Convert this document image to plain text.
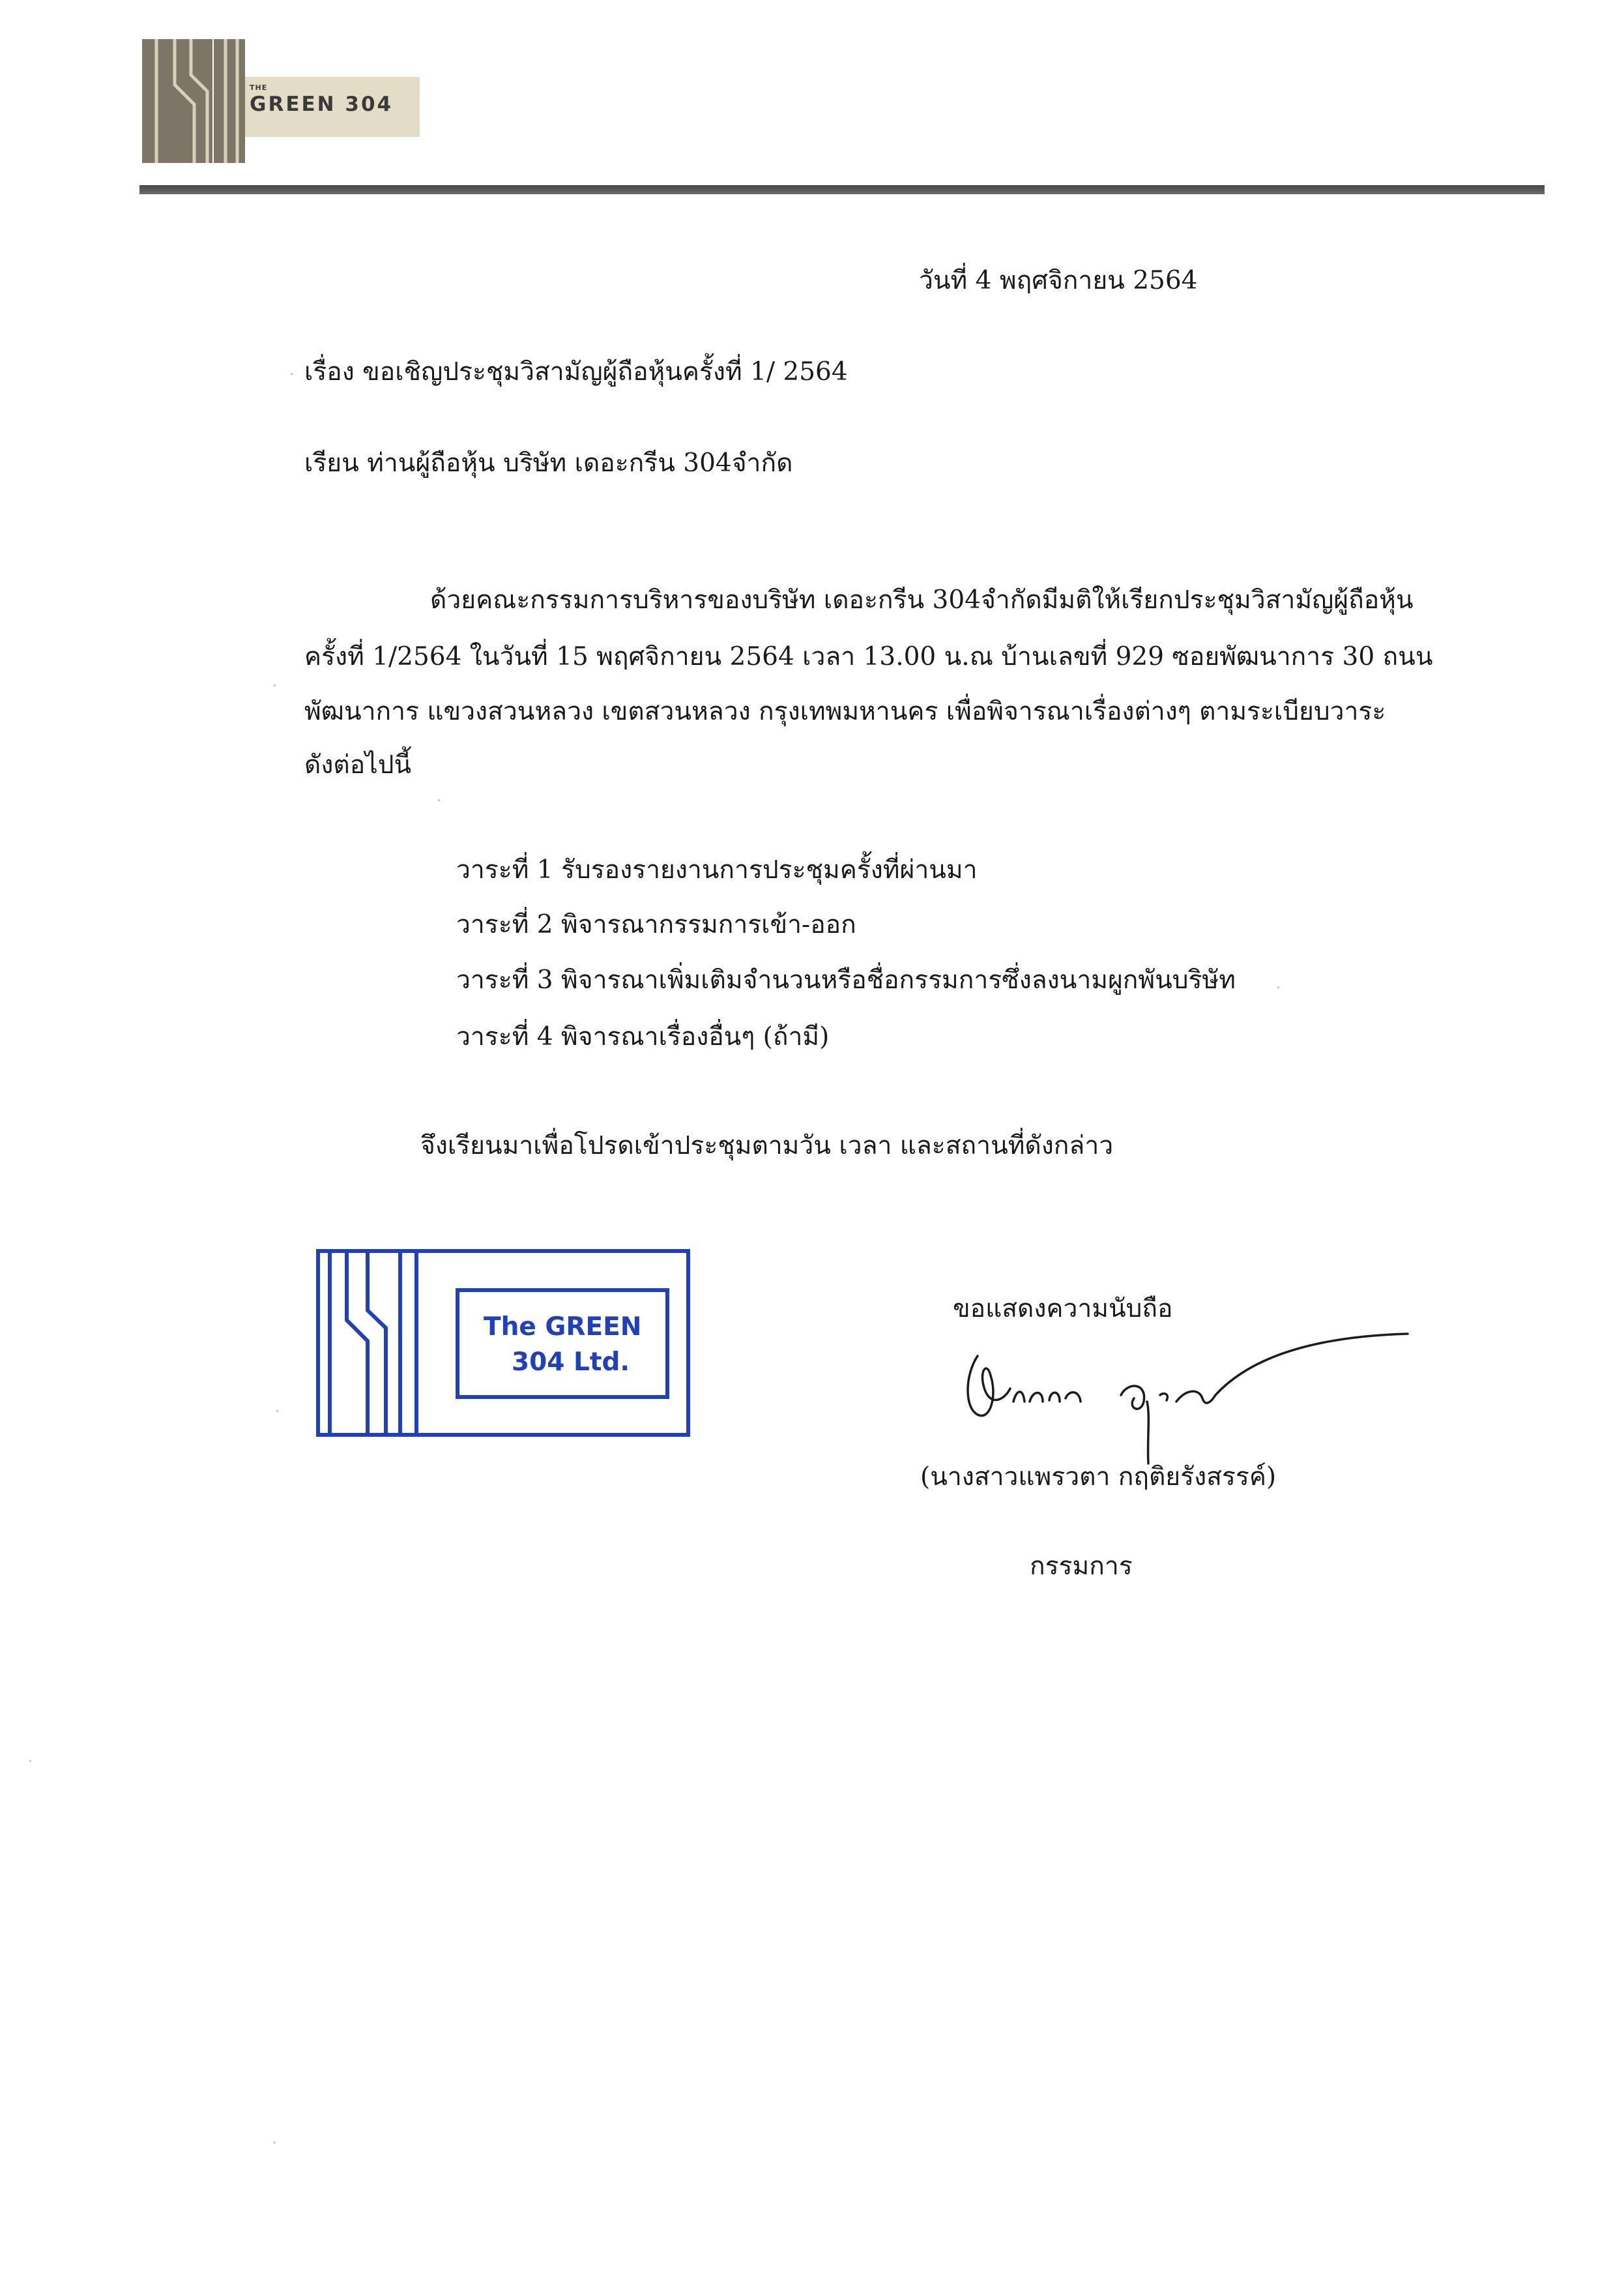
THE
GREEN 304
วันที่ 4 พฤศจิกายน 2564
เรื่อง ขอเชิญประชุมวิสามัญผู้ถือหุ้นครั้งที่ 1/ 2564
เรียน ท่านผู้ถือหุ้น บริษัท เดอะกรีน 304จำกัด
ด้วยคณะกรรมการบริหารของบริษัท เดอะกรีน 304จำกัดมีมติให้เรียกประชุมวิสามัญผู้ถือหุ้น
ครั้งที่ 1/2564 ในวันที่ 15 พฤศจิกายน 2564 เวลา 13.00 น.ณ บ้านเลขที่ 929 ซอยพัฒนาการ 30 ถนน
พัฒนาการ แขวงสวนหลวง เขตสวนหลวง กรุงเทพมหานคร เพื่อพิจารณาเรื่องต่างๆ ตามระเบียบวาระ
ดังต่อไปนี้
วาระที่ 1 รับรองรายงานการประชุมครั้งที่ผ่านมา
วาระที่ 2 พิจารณากรรมการเข้า-ออก
วาระที่ 3 พิจารณาเพิ่มเติมจำนวนหรือชื่อกรรมการซึ่งลงนามผูกพันบริษัท
วาระที่ 4 พิจารณาเรื่องอื่นๆ (ถ้ามี)
จึงเรียนมาเพื่อโปรดเข้าประชุมตามวัน เวลา และสถานที่ดังกล่าว
The GREEN
304 Ltd.
ขอแสดงความนับถือ
(นางสาวแพรวตา กฤติยรังสรรค์)
กรรมการ
